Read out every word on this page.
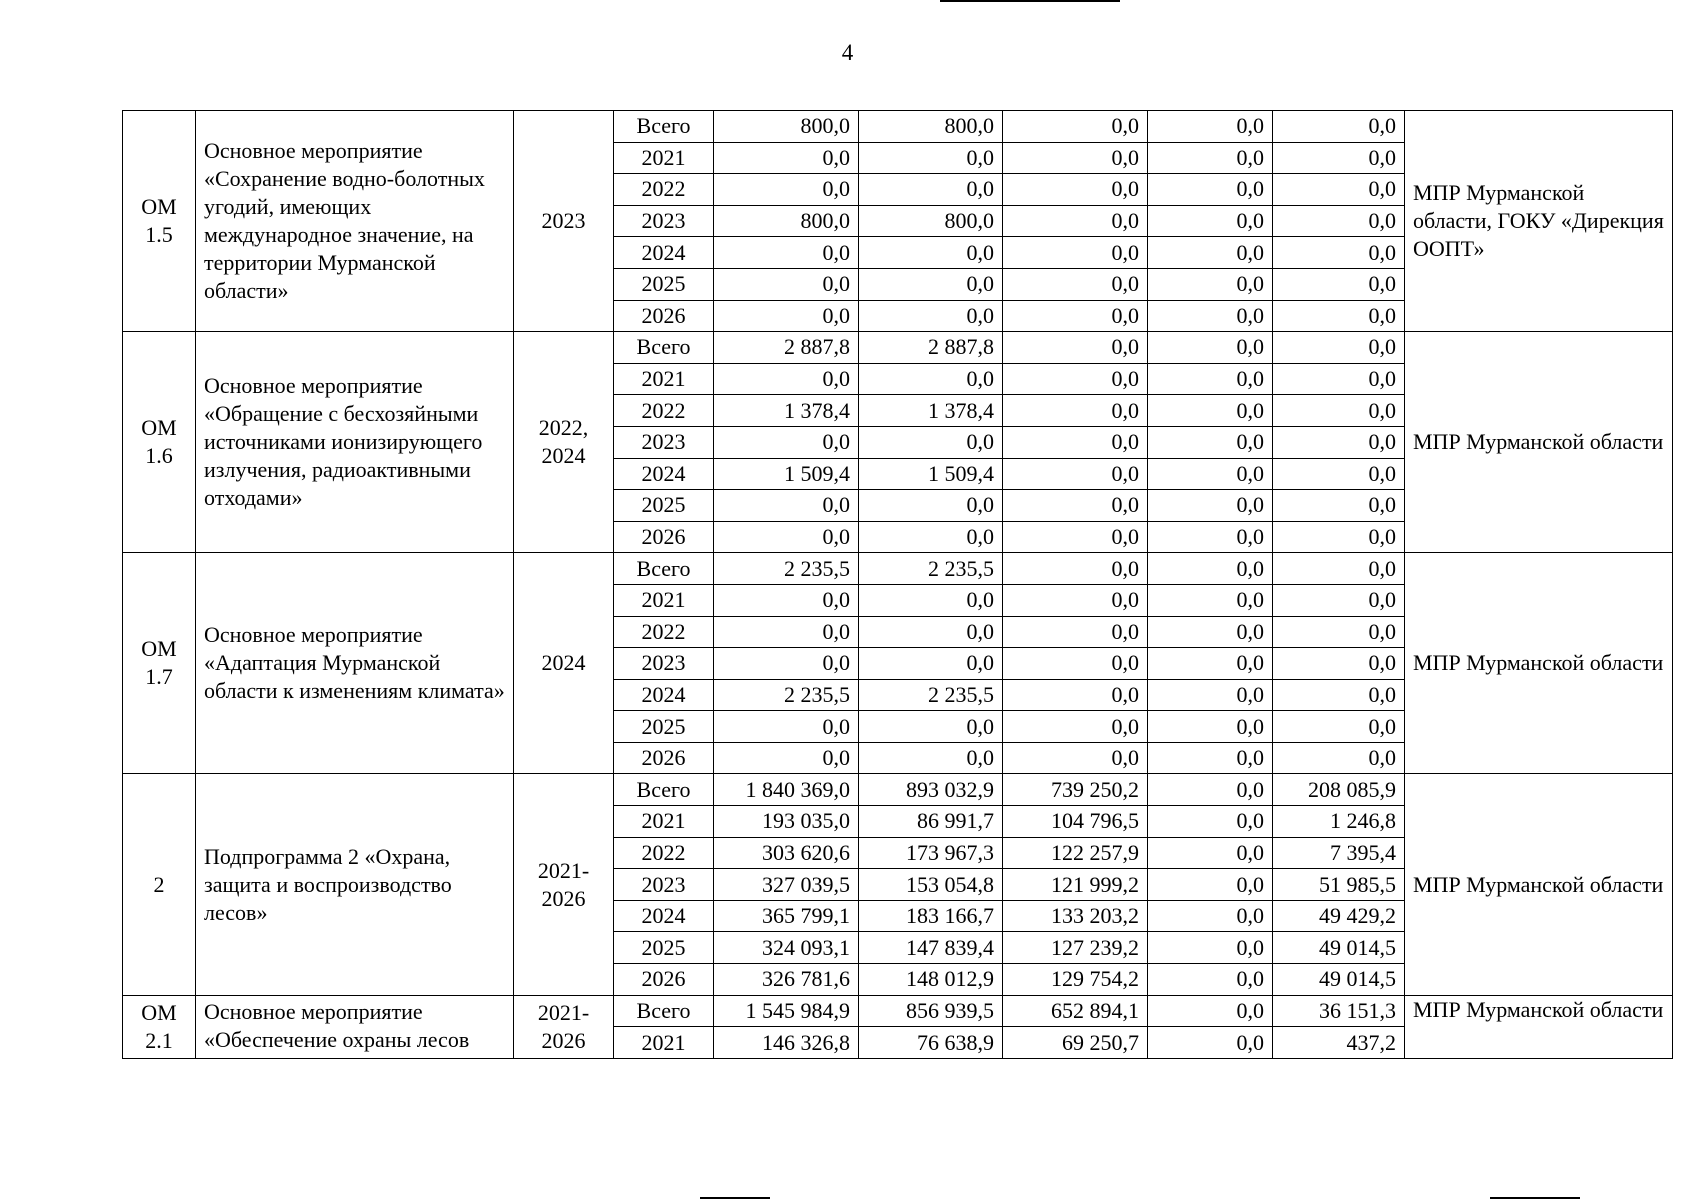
4
ОМ 1.5	Основное мероприятие «Сохранение водно-болотных угодий, имеющих международное значение, на территории Мурманской области»	2023	Всего	800,0	800,0	0,0	0,0	0,0	МПР Мурманской области, ГОКУ «Дирекция ООПТ»
			2021	0,0	0,0	0,0	0,0	0,0	
			2022	0,0	0,0	0,0	0,0	0,0	
			2023	800,0	800,0	0,0	0,0	0,0	
			2024	0,0	0,0	0,0	0,0	0,0	
			2025	0,0	0,0	0,0	0,0	0,0	
			2026	0,0	0,0	0,0	0,0	0,0	
ОМ 1.6	Основное мероприятие «Обращение с бесхозяйными источниками ионизирующего излучения, радиоактивными отходами»	2022, 2024	Всего	2 887,8	2 887,8	0,0	0,0	0,0	МПР Мурманской области
			2021	0,0	0,0	0,0	0,0	0,0	
			2022	1 378,4	1 378,4	0,0	0,0	0,0	
			2023	0,0	0,0	0,0	0,0	0,0	
			2024	1 509,4	1 509,4	0,0	0,0	0,0	
			2025	0,0	0,0	0,0	0,0	0,0	
			2026	0,0	0,0	0,0	0,0	0,0	
ОМ 1.7	Основное мероприятие «Адаптация Мурманской области к изменениям климата»	2024	Всего	2 235,5	2 235,5	0,0	0,0	0,0	МПР Мурманской области
			2021	0,0	0,0	0,0	0,0	0,0	
			2022	0,0	0,0	0,0	0,0	0,0	
			2023	0,0	0,0	0,0	0,0	0,0	
			2024	2 235,5	2 235,5	0,0	0,0	0,0	
			2025	0,0	0,0	0,0	0,0	0,0	
			2026	0,0	0,0	0,0	0,0	0,0	
2	Подпрограмма 2 «Охрана, защита и воспроизводство лесов»	2021-2026	Всего	1 840 369,0	893 032,9	739 250,2	0,0	208 085,9	МПР Мурманской области
			2021	193 035,0	86 991,7	104 796,5	0,0	1 246,8	
			2022	303 620,6	173 967,3	122 257,9	0,0	7 395,4	
			2023	327 039,5	153 054,8	121 999,2	0,0	51 985,5	
			2024	365 799,1	183 166,7	133 203,2	0,0	49 429,2	
			2025	324 093,1	147 839,4	127 239,2	0,0	49 014,5	
			2026	326 781,6	148 012,9	129 754,2	0,0	49 014,5	
ОМ 2.1	Основное мероприятие «Обеспечение охраны лесов	2021-2026	Всего	1 545 984,9	856 939,5	652 894,1	0,0	36 151,3	МПР Мурманской области
			2021	146 326,8	76 638,9	69 250,7	0,0	437,2	
